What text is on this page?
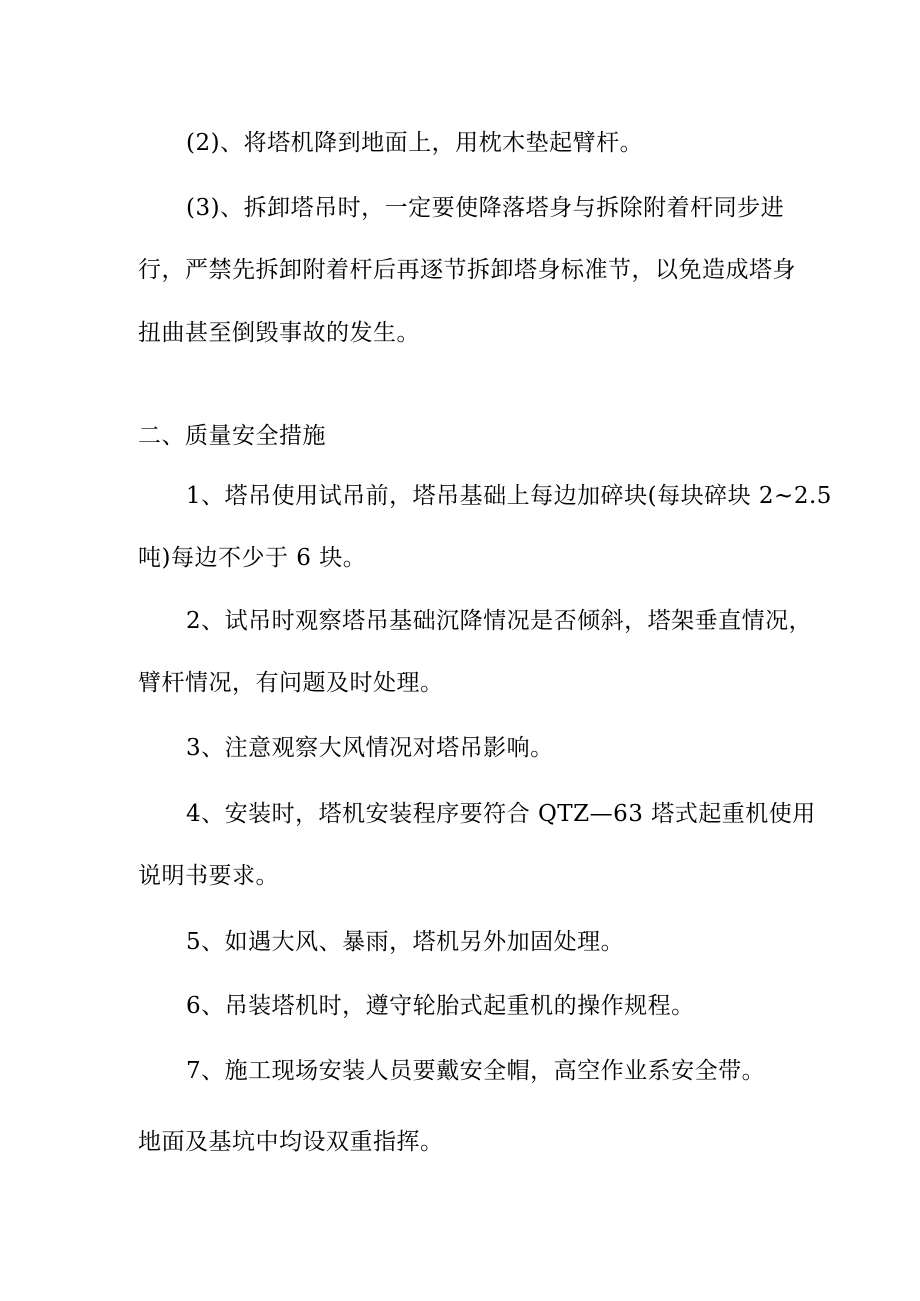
(2)、将塔机降到地面上，用枕木垫起臂杆。
(3)、拆卸塔吊时，一定要使降落塔身与拆除附着杆同步进
行，严禁先拆卸附着杆后再逐节拆卸塔身标准节，以免造成塔身
扭曲甚至倒毁事故的发生。
二、质量安全措施
1、塔吊使用试吊前，塔吊基础上每边加碎块(每块碎块 2~2.5
吨)每边不少于 6 块。
2、试吊时观察塔吊基础沉降情况是否倾斜，塔架垂直情况，
臂杆情况，有问题及时处理。
3、注意观察大风情况对塔吊影响。
4、安装时，塔机安装程序要符合 QTZ—63 塔式起重机使用
说明书要求。
5、如遇大风、暴雨，塔机另外加固处理。
6、吊装塔机时，遵守轮胎式起重机的操作规程。
7、施工现场安装人员要戴安全帽，高空作业系安全带。
地面及基坑中均设双重指挥。
